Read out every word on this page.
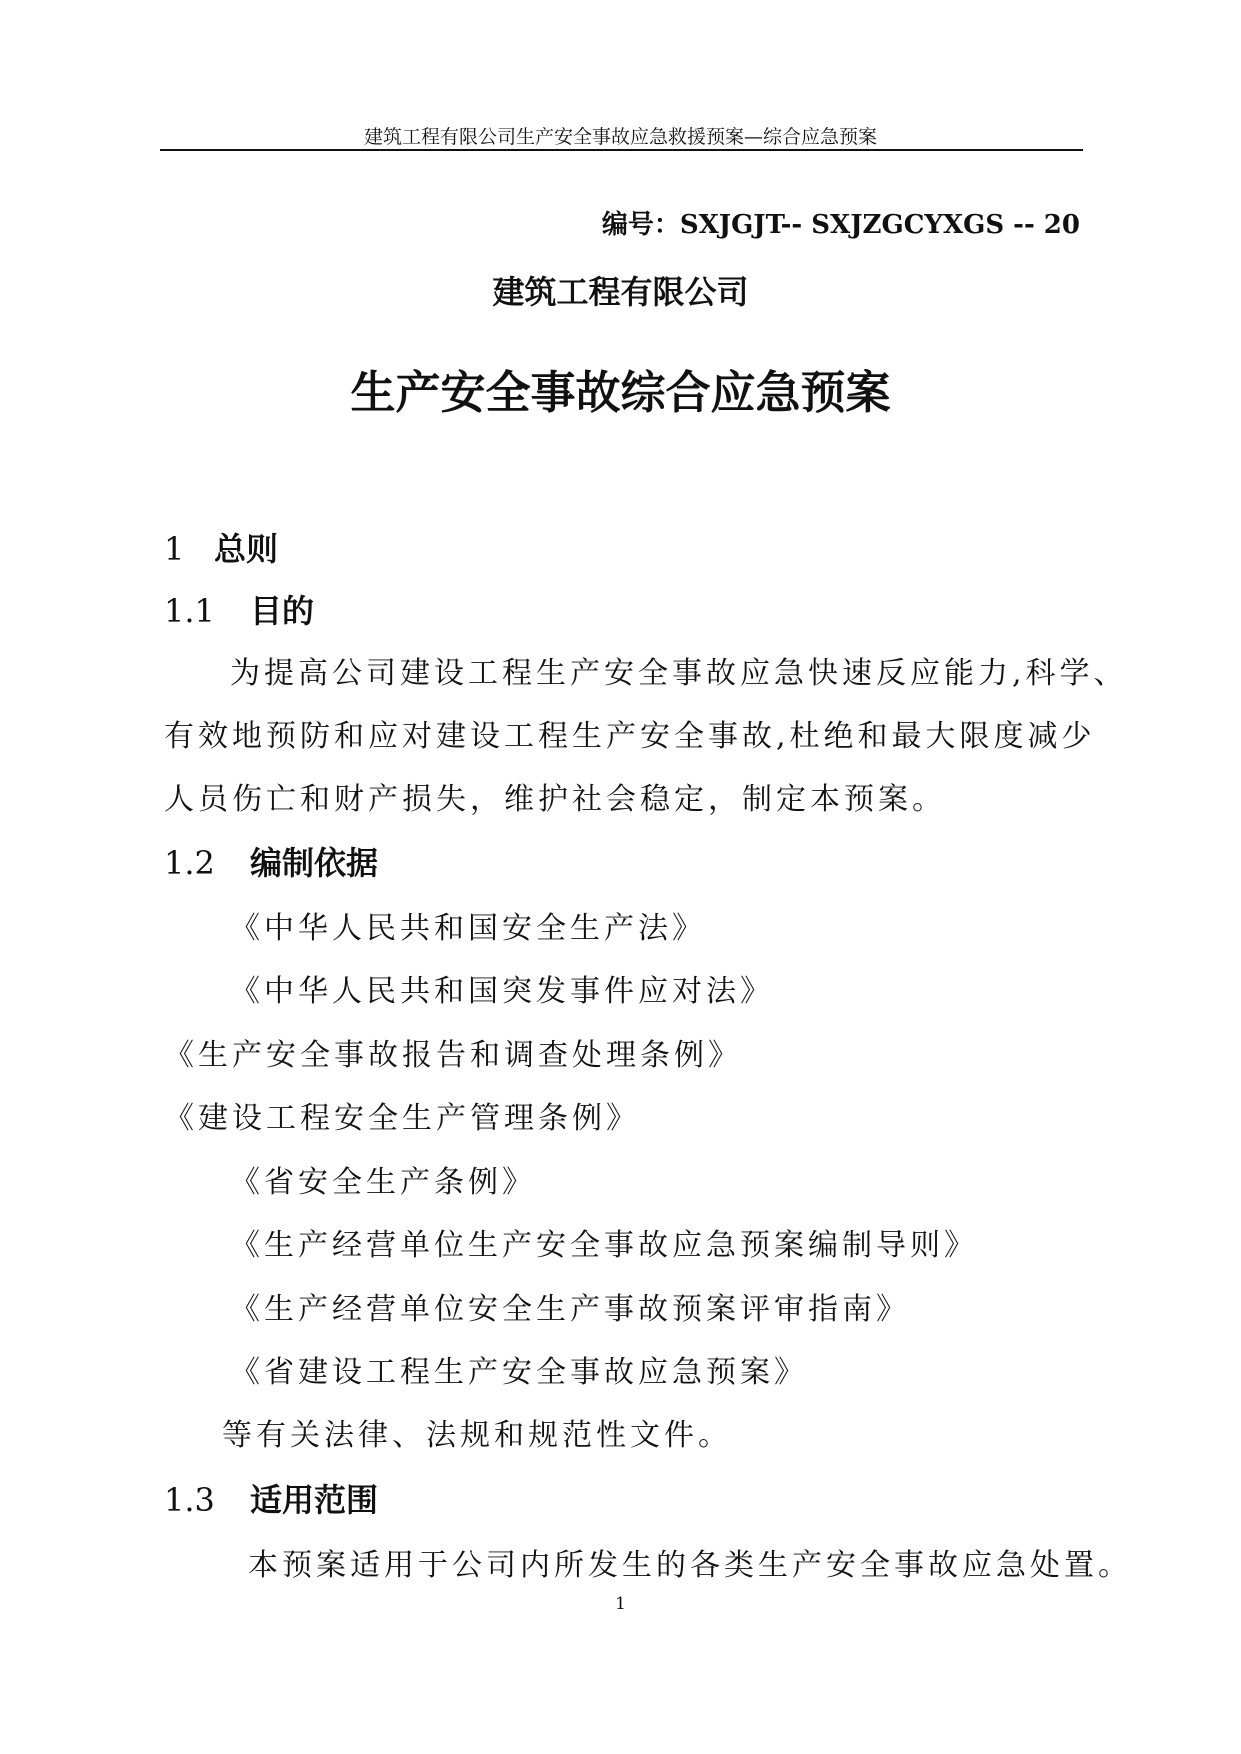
建筑工程有限公司生产安全事故应急救援预案—综合应急预案
编号：SXJGJT-- SXJZGCYXGS -- 20
建筑工程有限公司
生产安全事故综合应急预案
1 总则
1.1 目的
为提高公司建设工程生产安全事故应急快速反应能力,科学、
有效地预防和应对建设工程生产安全事故,杜绝和最大限度减少
人员伤亡和财产损失，维护社会稳定，制定本预案。
1.2 编制依据
《中华人民共和国安全生产法》
《中华人民共和国突发事件应对法》
《生产安全事故报告和调查处理条例》
《建设工程安全生产管理条例》
《省安全生产条例》
《生产经营单位生产安全事故应急预案编制导则》
《生产经营单位安全生产事故预案评审指南》
《省建设工程生产安全事故应急预案》
等有关法律、法规和规范性文件。
1.3 适用范围
本预案适用于公司内所发生的各类生产安全事故应急处置。
1
